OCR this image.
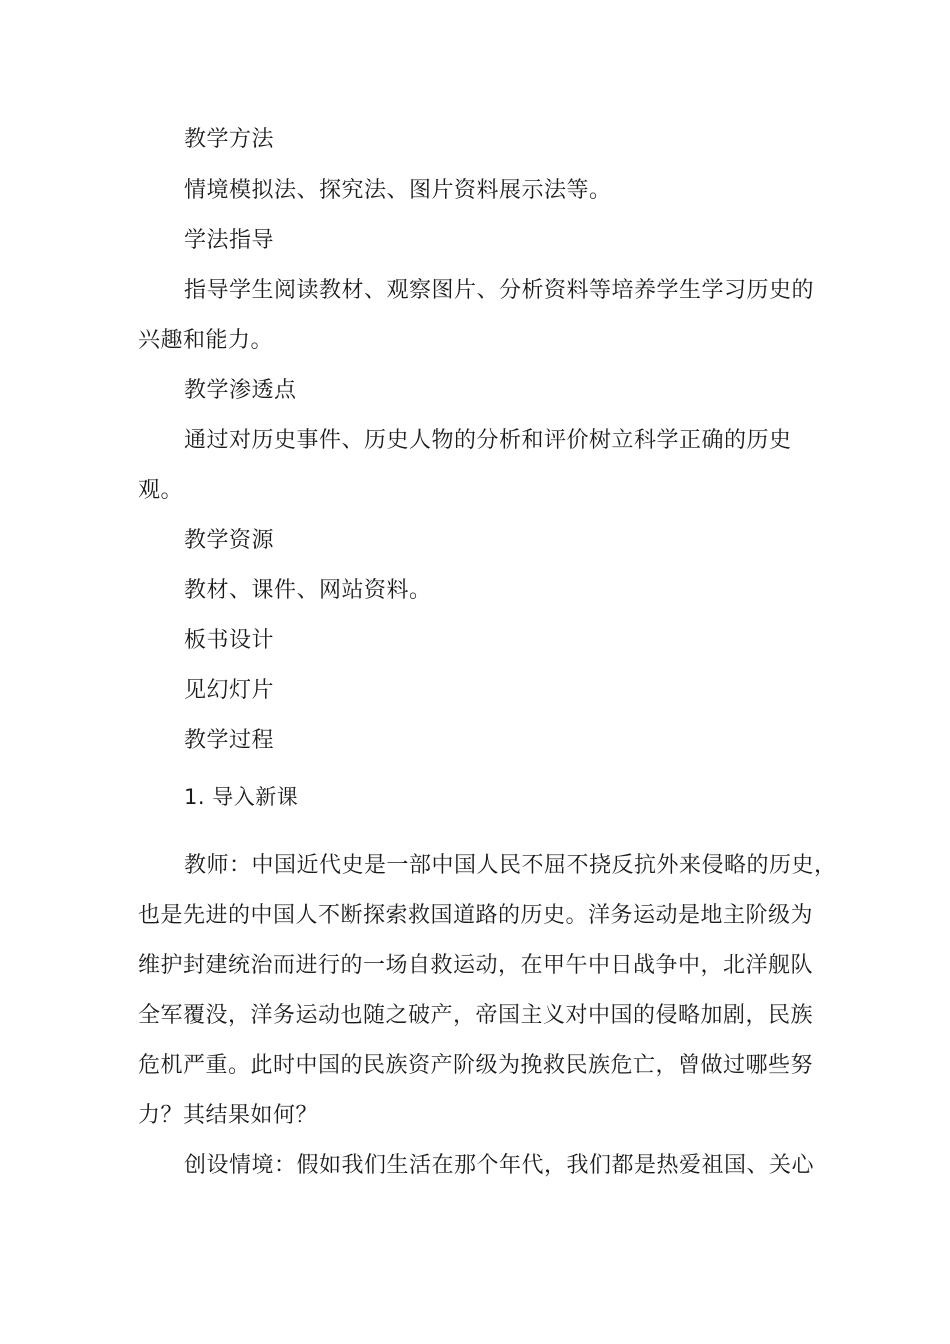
教学方法
情境模拟法、探究法、图片资料展示法等。
学法指导
指导学生阅读教材、观察图片、分析资料等培养学生学习历史的
兴趣和能力。
教学渗透点
通过对历史事件、历史人物的分析和评价树立科学正确的历史
观。
教学资源
教材、课件、网站资料。
板书设计
见幻灯片
教学过程
1. 导入新课
教师：中国近代史是一部中国人民不屈不挠反抗外来侵略的历史，
也是先进的中国人不断探索救国道路的历史。洋务运动是地主阶级为
维护封建统治而进行的一场自救运动，在甲午中日战争中，北洋舰队
全军覆没，洋务运动也随之破产，帝国主义对中国的侵略加剧，民族
危机严重。此时中国的民族资产阶级为挽救民族危亡，曾做过哪些努
力？其结果如何？
创设情境：假如我们生活在那个年代，我们都是热爱祖国、关心
